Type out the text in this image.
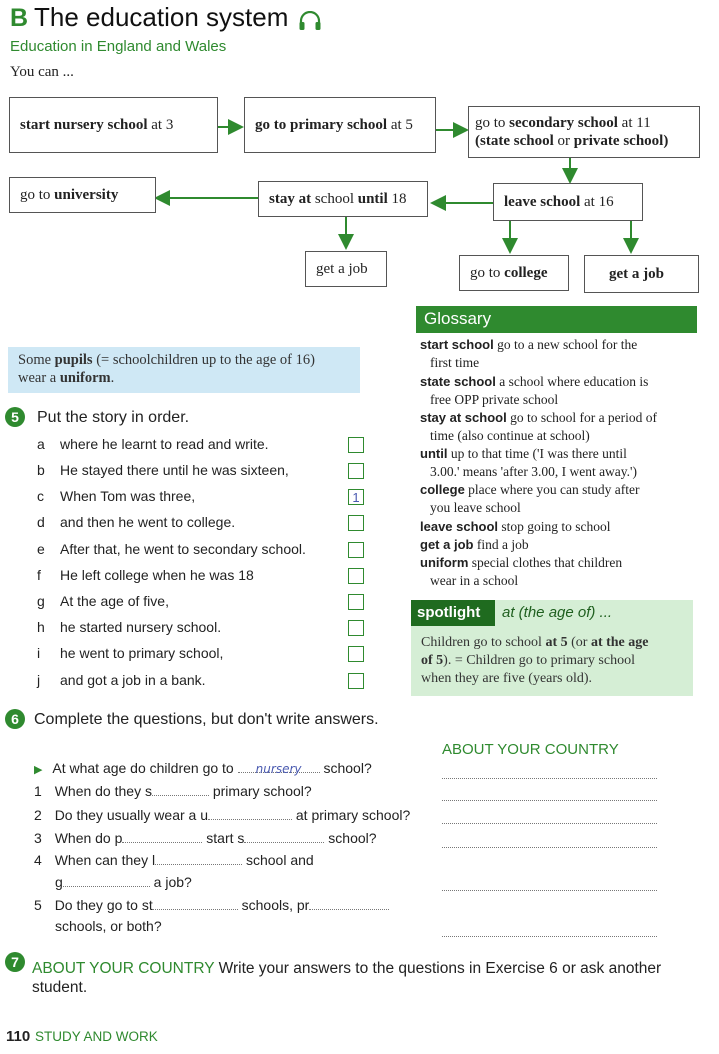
B The education system
Education in England and Wales
You can ...
start nursery school at 3	go to primary school at 5	go to secondary school at 11
(state school or private school)
go to university	stay at school until 18	leave school at 16
get a job	go to college	get a job
Some pupils (= schoolchildren up to the age of 16)
wear a uniform.
Glossary
start school go to a new school for the
first time
state school a school where education is
free OPP private school
stay at school go to school for a period of
time (also continue at school)
until up to that time ('I was there until
3.00.' means 'after 3.00, I went away.')
college place where you can study after
you leave school
leave school stop going to school
get a job find a job
uniform special clothes that children
wear in a school
spotlight	at (the age of) ...
Children go to school at 5 (or at the age
of 5). = Children go to primary school
when they are five (years old).
5	Put the story in order.
a where he learnt to read and write.
b He stayed there until he was sixteen,
c When Tom was three,	1
d and then he went to college.
e After that, he went to secondary school.
f He left college when he was 18
g At the age of five,
h he started nursery school.
i he went to primary school,
j and got a job in a bank.
6 Complete the questions, but don't write answers.
ABOUT YOUR COUNTRY
▶ At what age do children go to nursery school?
1 When do they s	primary school?
2 Do they usually wear a u	at primary school?
3 When do p	start s	school?
4 When can they l	school and
g	a job?
5 Do they go to st	schools, pr
schools, or both?
7 ABOUT YOUR COUNTRY Write your answers to the questions in Exercise 6 or ask another student.
110 STUDY AND WORK
